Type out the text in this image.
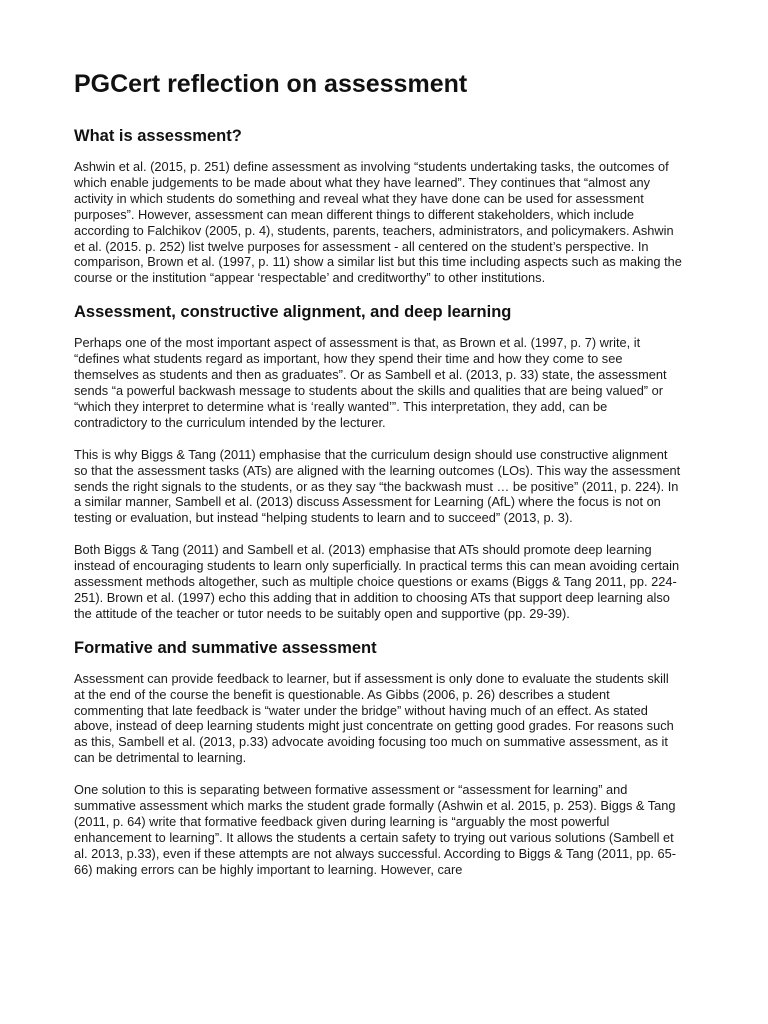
PGCert reflection on assessment
What is assessment?

Ashwin et al. (2015, p. 251) define assessment as involving “students undertaking tasks, the outcomes of which enable judgements to be made about what they have learned”. They continues that “almost any activity in which students do something and reveal what they have done can be used for assessment purposes”. However, assessment can mean different things to different stakeholders, which include according to Falchikov (2005, p. 4), students, parents, teachers, administrators, and policymakers. Ashwin et al. (2015. p. 252) list twelve purposes for assessment - all centered on the student’s perspective. In comparison, Brown et al. (1997, p. 11) show a similar list but this time including aspects such as making the course or the institution “appear ‘respectable’ and creditworthy” to other institutions.

Assessment, constructive alignment, and deep learning

Perhaps one of the most important aspect of assessment is that, as Brown et al. (1997, p. 7) write, it “defines what students regard as important, how they spend their time and how they come to see themselves as students and then as graduates”. Or as Sambell et al. (2013, p. 33) state, the assessment sends “a powerful backwash message to students about the skills and qualities that are being valued” or “which they interpret to determine what is ‘really wanted’”. This interpretation, they add, can be contradictory to the curriculum intended by the lecturer.

This is why Biggs & Tang (2011) emphasise that the curriculum design should use constructive alignment so that the assessment tasks (ATs) are aligned with the learning outcomes (LOs). This way the assessment sends the right signals to the students, or as they say “the backwash must … be positive” (2011, p. 224). In a similar manner, Sambell et al. (2013) discuss Assessment for Learning (AfL) where the focus is not on testing or evaluation, but instead “helping students to learn and to succeed” (2013, p. 3).

Both Biggs & Tang (2011) and Sambell et al. (2013) emphasise that ATs should promote deep learning instead of encouraging students to learn only superficially. In practical terms this can mean avoiding certain assessment methods altogether, such as multiple choice questions or exams (Biggs & Tang 2011, pp. 224-251). Brown et al. (1997) echo this adding that in addition to choosing ATs that support deep learning also the attitude of the teacher or tutor needs to be suitably open and supportive (pp. 29-39).

Formative and summative assessment

Assessment can provide feedback to learner, but if assessment is only done to evaluate the students skill at the end of the course the benefit is questionable. As Gibbs (2006, p. 26) describes a student commenting that late feedback is “water under the bridge” without having much of an effect. As stated above, instead of deep learning students might just concentrate on getting good grades. For reasons such as this, Sambell et al. (2013, p.33) advocate avoiding focusing too much on summative assessment, as it can be detrimental to learning.

One solution to this is separating between formative assessment or “assessment for learning” and summative assessment which marks the student grade formally (Ashwin et al. 2015, p. 253). Biggs & Tang (2011, p. 64) write that formative feedback given during learning is “arguably the most powerful enhancement to learning”. It allows the students a certain safety to trying out various solutions (Sambell et al. 2013, p.33), even if these attempts are not always successful. According to Biggs & Tang (2011, pp. 65-66) making errors can be highly important to learning. However, care
